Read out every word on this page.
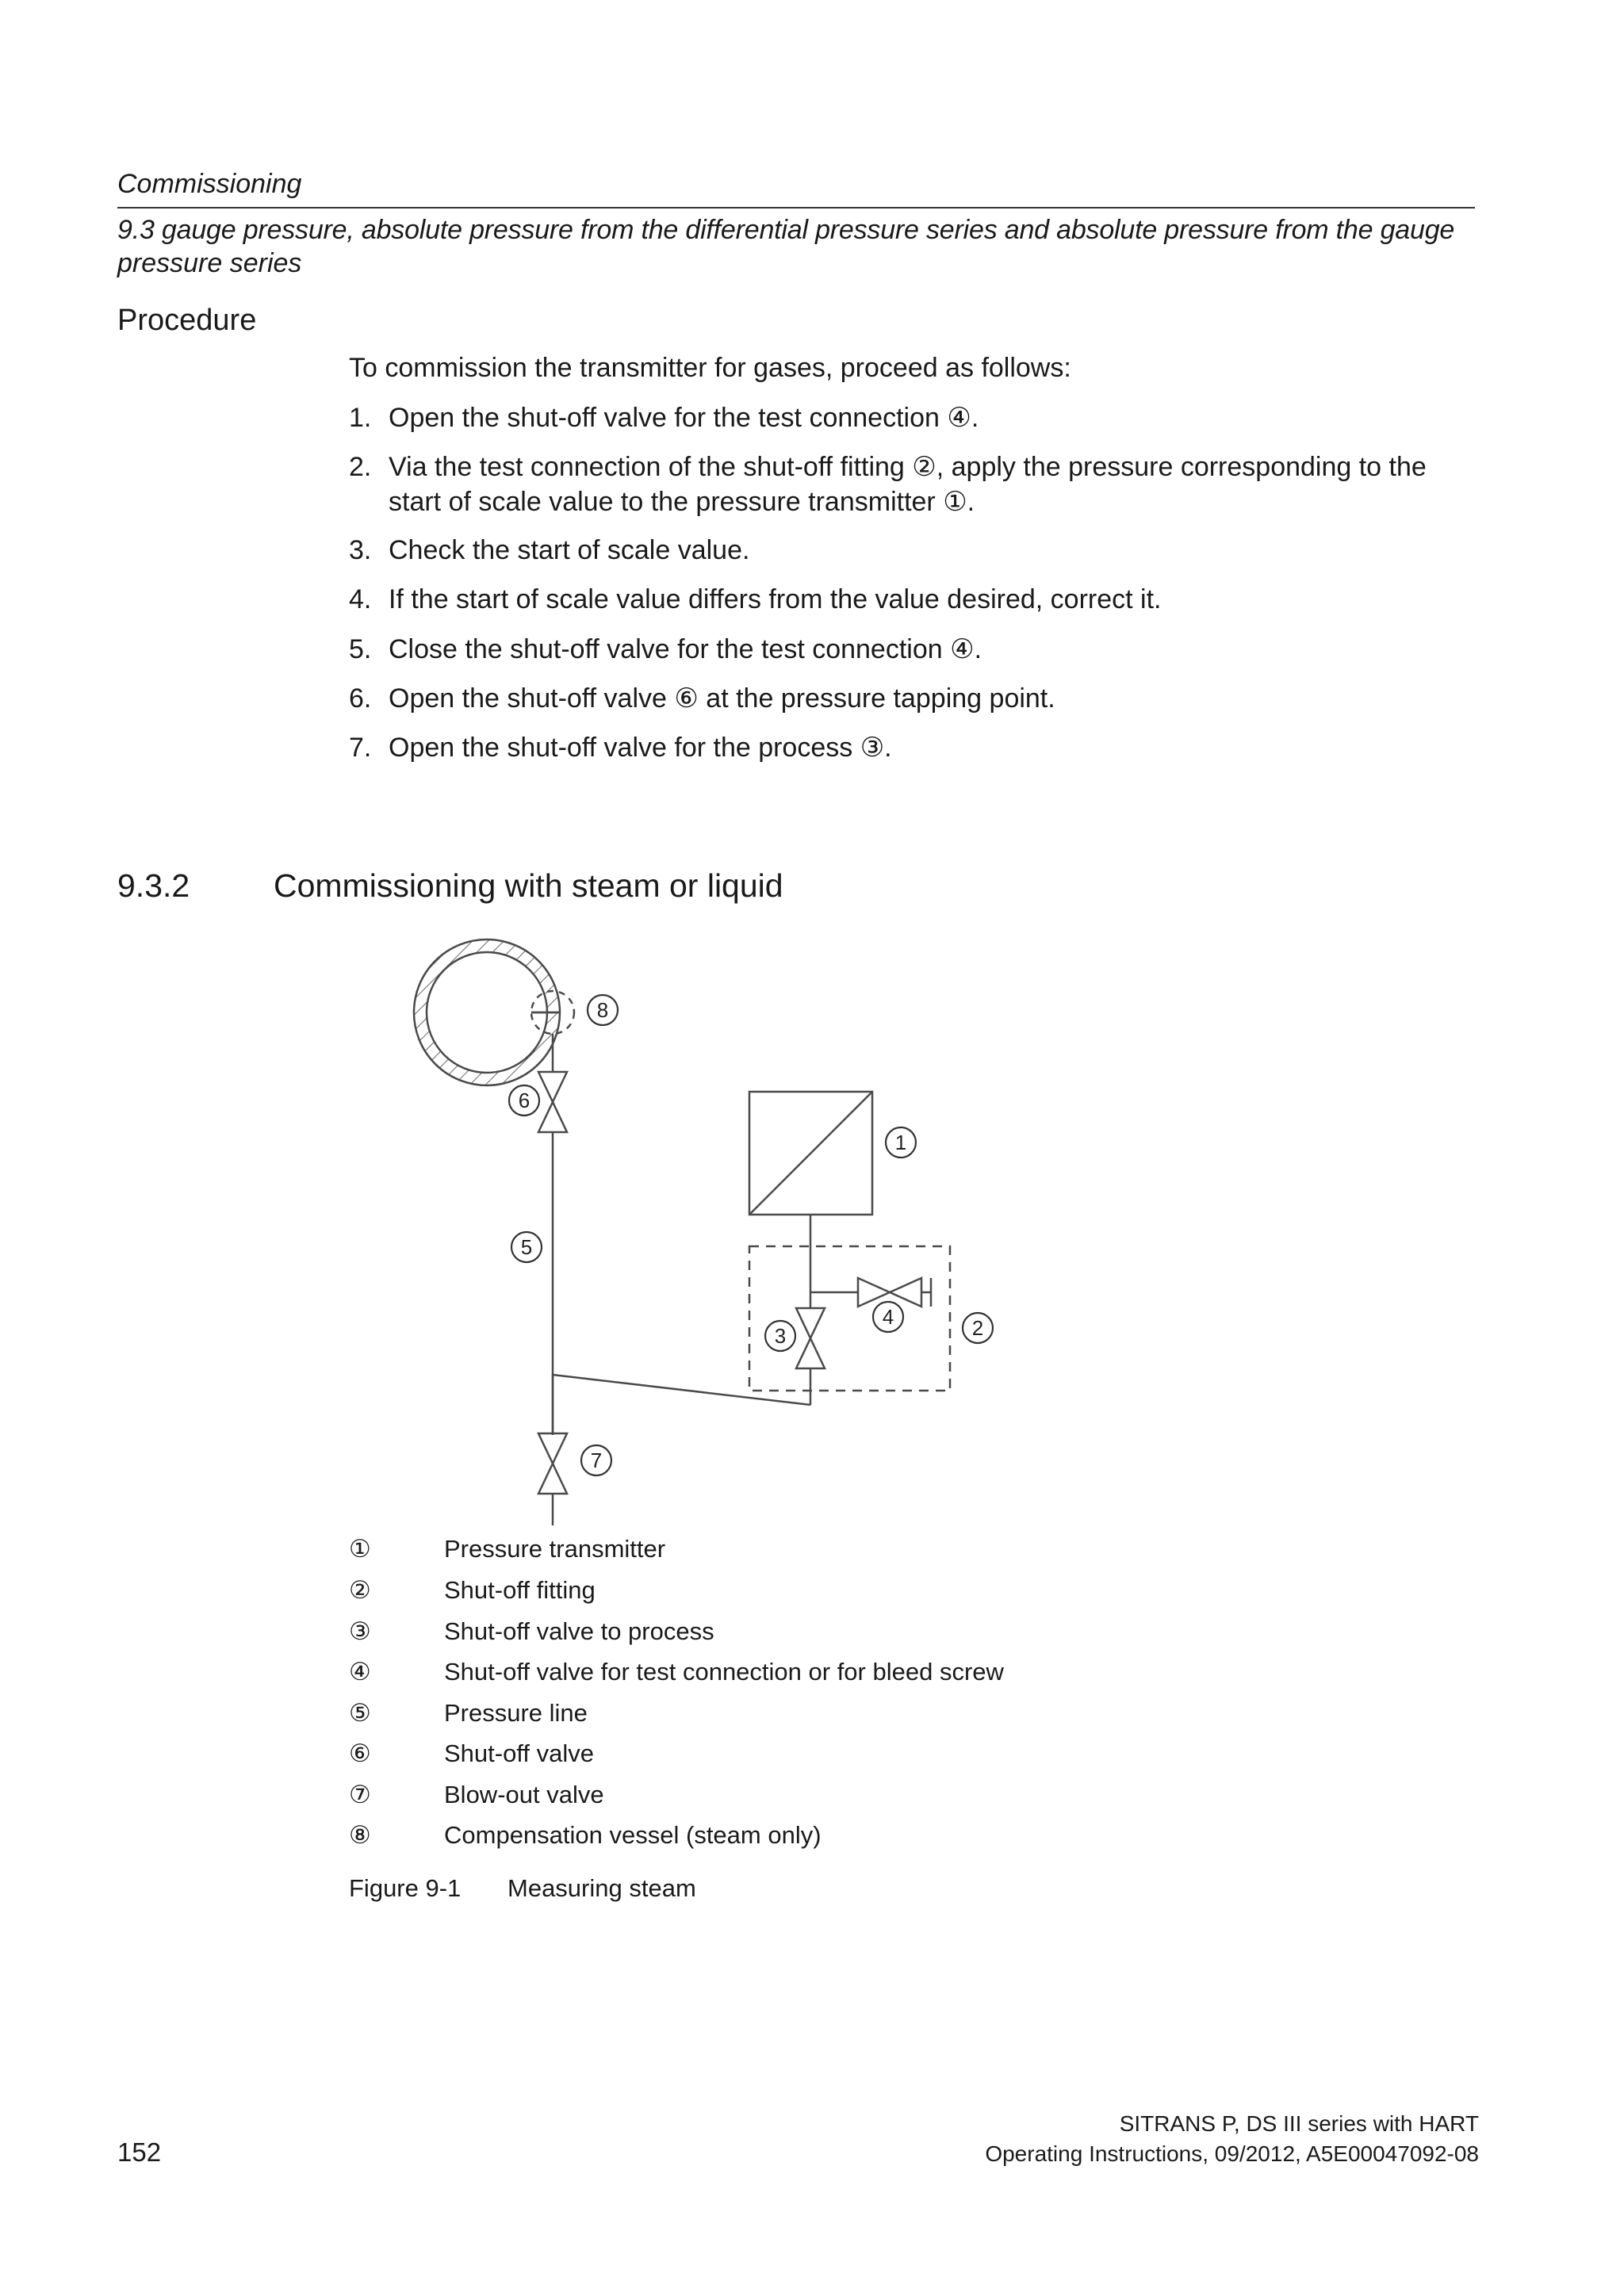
Commissioning
9.3 gauge pressure, absolute pressure from the differential pressure series and absolute pressure from the gauge
pressure series
Procedure
To commission the transmitter for gases, proceed as follows:
1. Open the shut-off valve for the test connection ④.
2. Via the test connection of the shut-off fitting ②, apply the pressure corresponding to the start of scale value to the pressure transmitter ①.
3. Check the start of scale value.
4. If the start of scale value differs from the value desired, correct it.
5. Close the shut-off valve for the test connection ④.
6. Open the shut-off valve ⑥ at the pressure tapping point.
7. Open the shut-off valve for the process ③.
9.3.2	Commissioning with steam or liquid
8
6
1
5
4
3	2
7
①	Pressure transmitter
②	Shut-off fitting
③	Shut-off valve to process
④	Shut-off valve for test connection or for bleed screw
⑤	Pressure line
⑥	Shut-off valve
⑦	Blow-out valve
⑧	Compensation vessel (steam only)
Figure 9-1 Measuring steam
152
SITRANS P, DS III series with HART
Operating Instructions, 09/2012, A5E00047092-08
